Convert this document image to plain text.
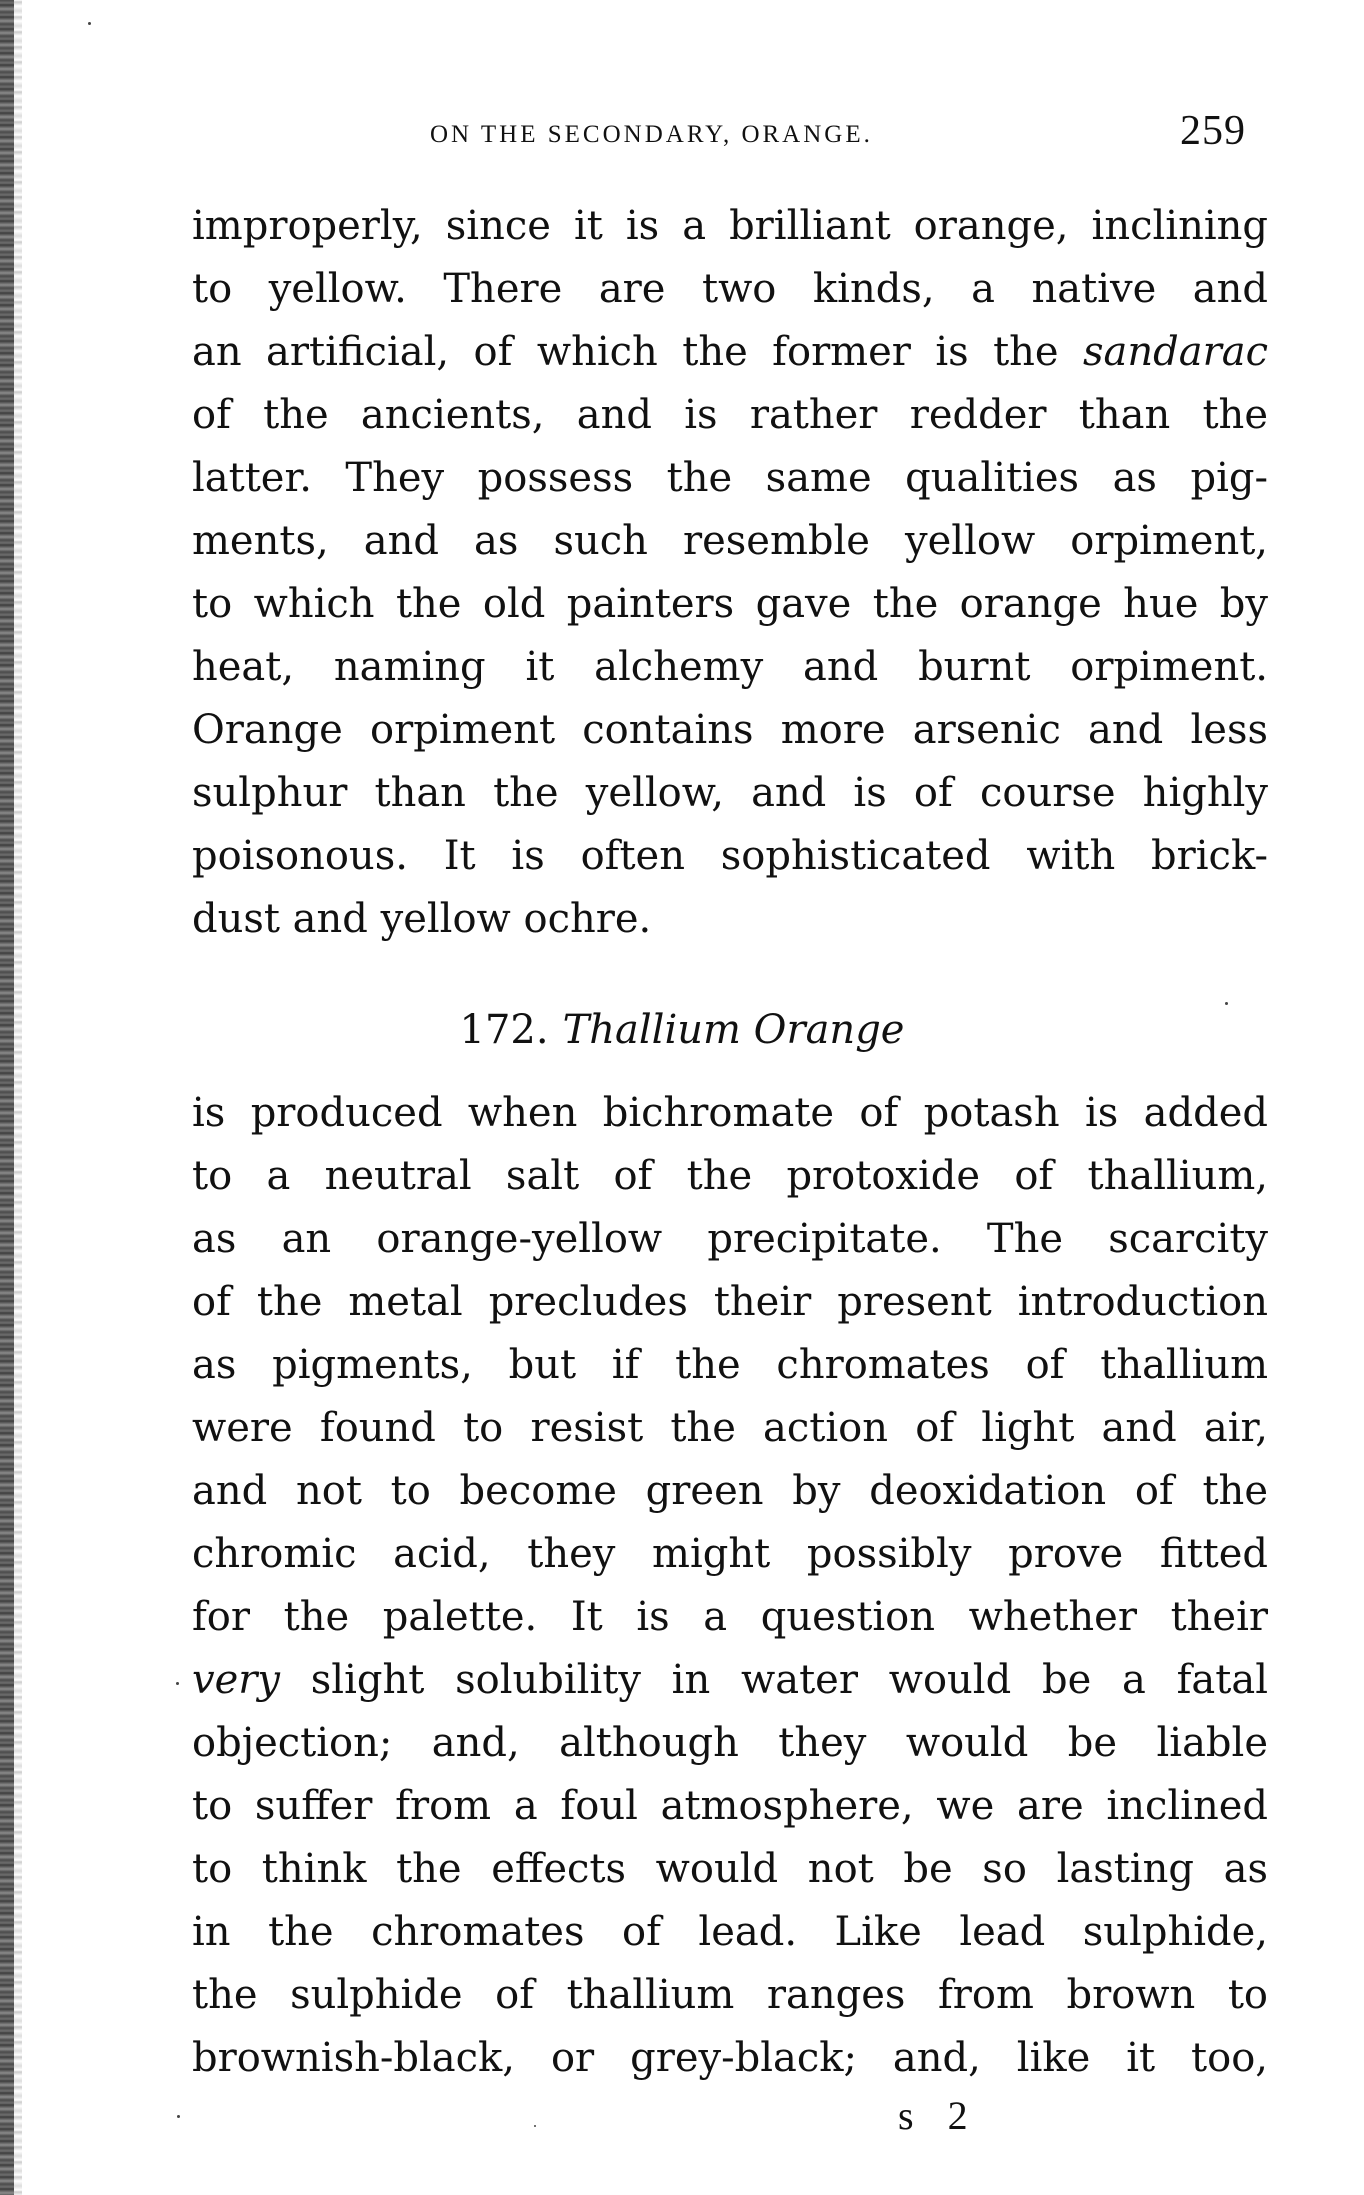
ON THE SECONDARY, ORANGE.	259
improperly, since it is a brilliant orange, inclining
to yellow. There are two kinds, a native and
an artificial, of which the former is the sandarac
of the ancients, and is rather redder than the
latter. They possess the same qualities as pig-
ments, and as such resemble yellow orpiment,
to which the old painters gave the orange hue by
heat, naming it alchemy and burnt orpiment.
Orange orpiment contains more arsenic and less
sulphur than the yellow, and is of course highly
poisonous. It is often sophisticated with brick-
dust and yellow ochre.
172. Thallium Orange
is produced when bichromate of potash is added
to a neutral salt of the protoxide of thallium,
as an orange-yellow precipitate. The scarcity
of the metal precludes their present introduction
as pigments, but if the chromates of thallium
were found to resist the action of light and air,
and not to become green by deoxidation of the
chromic acid, they might possibly prove fitted
for the palette. It is a question whether their
very slight solubility in water would be a fatal
objection; and, although they would be liable
to suffer from a foul atmosphere, we are inclined
to think the effects would not be so lasting as
in the chromates of lead. Like lead sulphide,
the sulphide of thallium ranges from brown to
brownish-black, or grey-black; and, like it too,
s 2
